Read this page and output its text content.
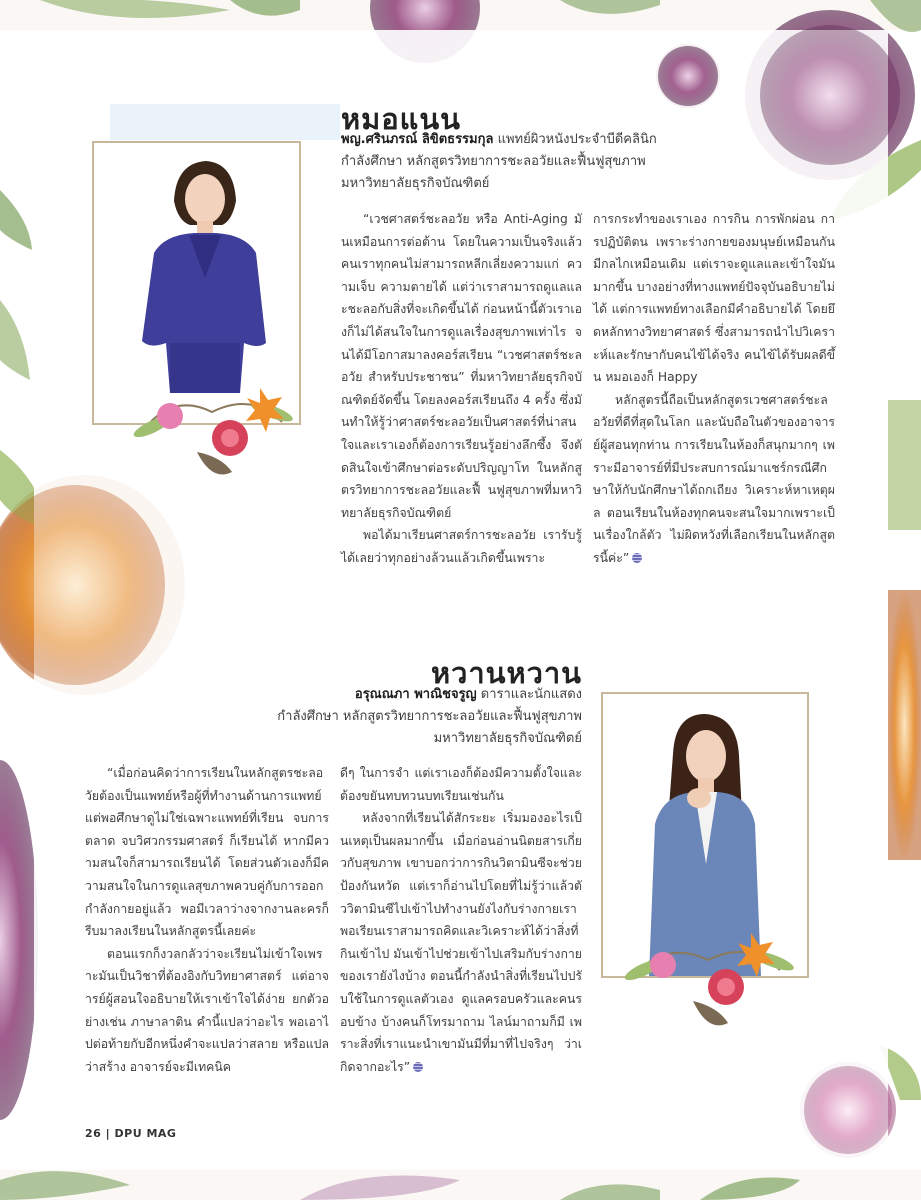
หมอแนน
พญ.ศรินภรณ์ ลิขิตธรรมกุล แพทย์ผิวหนังประจำบีดีคลินิก
กำลังศึกษา หลักสูตรวิทยาการชะลอวัยและฟื้นฟูสุขภาพ
มหาวิทยาลัยธุรกิจบัณฑิตย์

“เวชศาสตร์ชะลอวัย หรือ Anti-Aging มันเหมือนการต่อต้าน โดยในความเป็นจริงแล้วคนเราทุกคนไม่สามารถหลีกเลี่ยงความแก่ ความเจ็บ ความตายได้ แต่ว่าเราสามารถดูแลและชะลอกับสิ่งที่จะเกิดขึ้นได้ ก่อนหน้านี้ตัวเราเองก็ไม่ได้สนใจในการดูแลเรื่องสุขภาพเท่าไร จนได้มีโอกาสมาลงคอร์สเรียน “เวชศาสตร์ชะลอวัย สำหรับประชาชน” ที่มหาวิทยาลัยธุรกิจบัณฑิตย์จัดขึ้น โดยลงคอร์สเรียนถึง 4 ครั้ง ซึ่งมันทำให้รู้ว่าศาสตร์ชะลอวัยเป็นศาสตร์ที่น่าสนใจและเราเองก็ต้องการเรียนรู้อย่างลึกซึ้ง จึงตัดสินใจเข้าศึกษาต่อระดับปริญญาโท ในหลักสูตรวิทยาการชะลอวัยและฟื้ นฟูสุขภาพที่มหาวิทยาลัยธุรกิจบัณฑิตย์

พอได้มาเรียนศาสตร์การชะลอวัย เรารับรู้ได้เลยว่าทุกอย่างล้วนแล้วเกิดขึ้นเพราะ

การกระทำของเราเอง การกิน การพักผ่อน การปฏิบัติตน เพราะร่างกายของมนุษย์เหมือนกัน มีกลไกเหมือนเดิม แต่เราจะดูแลและเข้าใจมันมากขึ้น บางอย่างที่ทางแพทย์ปัจจุบันอธิบายไม่ได้ แต่การแพทย์ทางเลือกมีคำอธิบายได้ โดยยึดหลักทางวิทยาศาสตร์ ซึ่งสามารถนำไปวิเคราะห์และรักษากับคนไข้ได้จริง คนไข้ได้รับผลดีขึ้น หมอเองก็ Happy

หลักสูตรนี้ถือเป็นหลักสูตรเวชศาสตร์ชะลอวัยที่ดีที่สุดในโลก และนับถือในตัวของอาจารย์ผู้สอนทุกท่าน การเรียนในห้องก็สนุกมากๆ เพราะมีอาจารย์ที่มีประสบการณ์มาแชร์กรณีศึกษาให้กับนักศึกษาได้ถกเถียง วิเคราะห์หาเหตุผล ตอนเรียนในห้องทุกคนจะสนใจมากเพราะเป็นเรื่องใกล้ตัว ไม่ผิดหวังที่เลือกเรียนในหลักสูตรนี้ค่ะ”

หวานหวาน
อรุณณภา พาณิชจรูญ ดาราและนักแสดง
กำลังศึกษา หลักสูตรวิทยาการชะลอวัยและฟื้นฟูสุขภาพ
มหาวิทยาลัยธุรกิจบัณฑิตย์

“เมื่อก่อนคิดว่าการเรียนในหลักสูตรชะลอวัยต้องเป็นแพทย์หรือผู้ที่ทำงานด้านการแพทย์ แต่พอศึกษาดูไม่ใช่เฉพาะแพทย์ที่เรียน จบการตลาด จบวิศวกรรมศาสตร์ ก็เรียนได้ หากมีความสนใจก็สามารถเรียนได้ โดยส่วนตัวเองก็มีความสนใจในการดูแลสุขภาพควบคู่กับการออกกำลังกายอยู่แล้ว พอมีเวลาว่างจากงานละครก็รีบมาลงเรียนในหลักสูตรนี้เลยค่ะ

ตอนแรกก็งวลกลัวว่าจะเรียนไม่เข้าใจเพราะมันเป็นวิชาที่ต้องอิงกับวิทยาศาสตร์ แต่อาจารย์ผู้สอนใจอธิบายให้เราเข้าใจได้ง่าย ยกตัวอย่างเช่น ภาษาลาติน คำนี้แปลว่าอะไร พอเอาไปต่อท้ายกับอีกหนึ่งคำจะแปลว่าสลาย หรือแปลว่าสร้าง อาจารย์จะมีเทคนิค

ดีๆ ในการจำ แต่เราเองก็ต้องมีความตั้งใจและต้องขยันทบทวนบทเรียนเช่นกัน

หลังจากที่เรียนได้สักระยะ เริ่มมองอะไรเป็นเหตุเป็นผลมากขึ้น เมื่อก่อนอ่านนิตยสารเกี่ยวกับสุขภาพ เขาบอกว่าการกินวิตามินซีจะช่วยป้องกันหวัด แต่เราก็อ่านไปโดยที่ไม่รู้ว่าแล้วตัววิตามินซีไปเข้าไปทำงานยังไงกับร่างกายเรา พอเรียนเราสามารถคิดและวิเคราะห์ได้ว่าสิ่งที่กินเข้าไป มันเข้าไปช่วยเข้าไปเสริมกับร่างกายของเรายังไงบ้าง ตอนนี้กำลังนำสิ่งที่เรียนไปปรับใช้ในการดูแลตัวเอง ดูแลครอบครัวและคนรอบข้าง บ้างคนก็โทรมาถาม ไลน์มาถามก็มี เพราะสิ่งที่เราแนะนำเขามันมีที่มาที่ไปจริงๆ ว่าเกิดจากอะไร”

26 | DPU MAG
